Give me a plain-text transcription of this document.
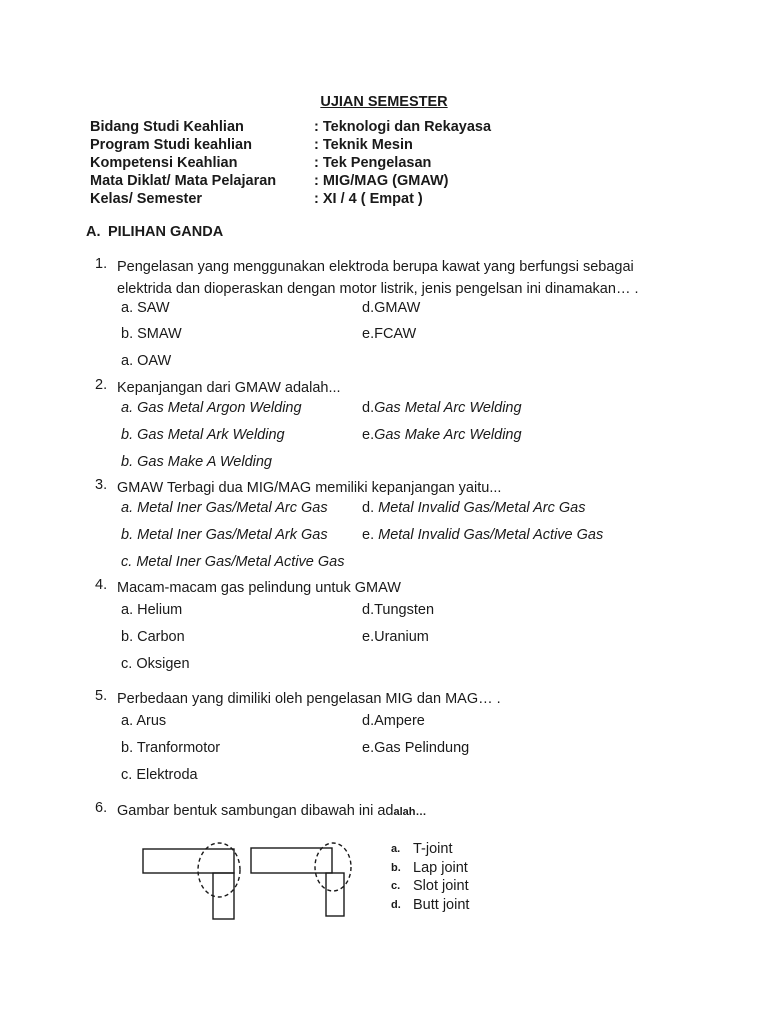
UJIAN SEMESTER
Bidang Studi Keahlian	: Teknologi dan Rekayasa
Program Studi keahlian	: Teknik Mesin
Kompetensi Keahlian	: Tek Pengelasan
Mata Diklat/ Mata Pelajaran	: MIG/MAG (GMAW)
Kelas/ Semester	: XI / 4 ( Empat )
A. PILIHAN GANDA
1. Pengelasan yang menggunakan elektroda berupa kawat yang berfungsi sebagai
elektrida dan dioperaskan dengan motor listrik, jenis pengelsan ini dinamakan… .
a. SAW	d.GMAW
b. SMAW	e.FCAW
a. OAW
2. Kepanjangan dari GMAW adalah...
a. Gas Metal Argon Welding	d.Gas Metal Arc Welding
b. Gas Metal Ark Welding	e.Gas Make Arc Welding
b. Gas Make A Welding
3. GMAW Terbagi dua MIG/MAG memiliki kepanjangan yaitu...
a. Metal Iner Gas/Metal Arc Gas d. Metal Invalid Gas/Metal Arc Gas
b. Metal Iner Gas/Metal Ark Gas e. Metal Invalid Gas/Metal Active Gas
c. Metal Iner Gas/Metal Active Gas
4. Macam-macam gas pelindung untuk GMAW
a. Helium	d.Tungsten
b. Carbon	e.Uranium
c. Oksigen
5. Perbedaan yang dimiliki oleh pengelasan MIG dan MAG… .
a. Arus	d.Ampere
b. Tranformotor	e.Gas Pelindung
c. Elektroda
6. Gambar bentuk sambungan dibawah ini adalah…
a. T-joint
b. Lap joint
c. Slot joint
d. Butt joint
